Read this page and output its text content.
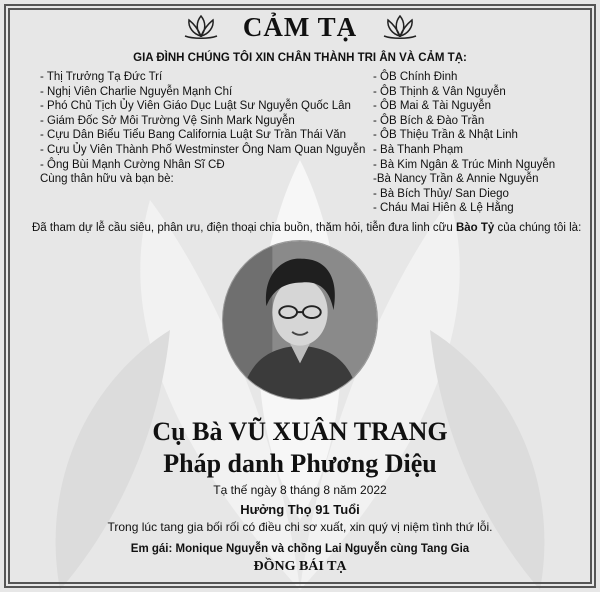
CẢM TẠ
GIA ĐÌNH CHÚNG TÔI XIN CHÂN THÀNH TRI ÂN VÀ CẢM TẠ:
- Thị Trưởng Tạ Đức Trí
- Nghị Viên Charlie Nguyễn Mạnh Chí
- Phó Chủ Tịch Ủy Viên Giáo Dục Luật Sư Nguyễn Quốc Lân
- Giám Đốc Sở Môi Trường Vệ Sinh Mark Nguyễn
- Cựu Dân Biểu Tiểu Bang California Luật Sư Trần Thái Văn
- Cựu Ủy Viên Thành Phố Westminster Ông Nam Quan Nguyễn
- Ông Bùi Mạnh Cường Nhân Sĩ CĐ
Cùng thân hữu và bạn bè:
- ÔB Chính Đinh
- ÔB Thịnh & Vân Nguyễn
- ÔB Mai & Tài Nguyễn
- ÔB Bích & Đào Trần
- ÔB Thiệu Trần & Nhật Linh
- Bà Thanh Phạm
- Bà Kim Ngân & Trúc Minh Nguyễn
-Bà Nancy Trần & Annie Nguyễn
- Bà Bích Thủy/ San Diego
- Cháu Mai Hiên & Lệ Hằng
Đã tham dự lễ cầu siêu, phân ưu, điện thoại chia buồn, thăm hỏi, tiễn đưa linh cữu Bào Tỷ của chúng tôi là:
Cụ Bà VŨ XUÂN TRANG
Pháp danh Phương Diệu
Tạ thế ngày 8 tháng 8 năm 2022
Hưởng Thọ 91 Tuổi
Trong lúc tang gia bối rối có điều chi sơ xuất, xin quý vị niệm tình thứ lỗi.
Em gái: Monique Nguyễn và chồng Lai Nguyễn cùng Tang Gia
ĐỒNG BÁI TẠ
